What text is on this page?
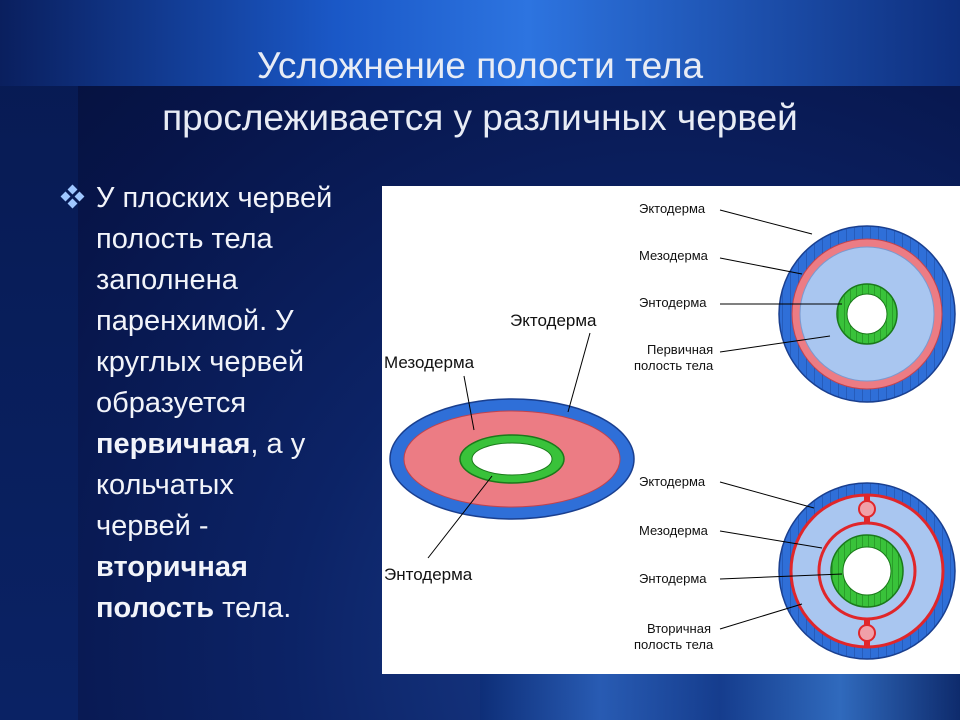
Усложнение полости тела
прослеживается у различных червей
У плоских червей
полость тела
заполнена
паренхимой. У
круглых червей
образуется
первичная, а у
кольчатых
червей -
вторичная
полость тела.
Мезодерма
Эктодерма
Энтодерма
Эктодерма
Мезодерма
Энтодерма
Первичная
полость тела
Эктодерма
Мезодерма
Энтодерма
Вторичная
полость тела
